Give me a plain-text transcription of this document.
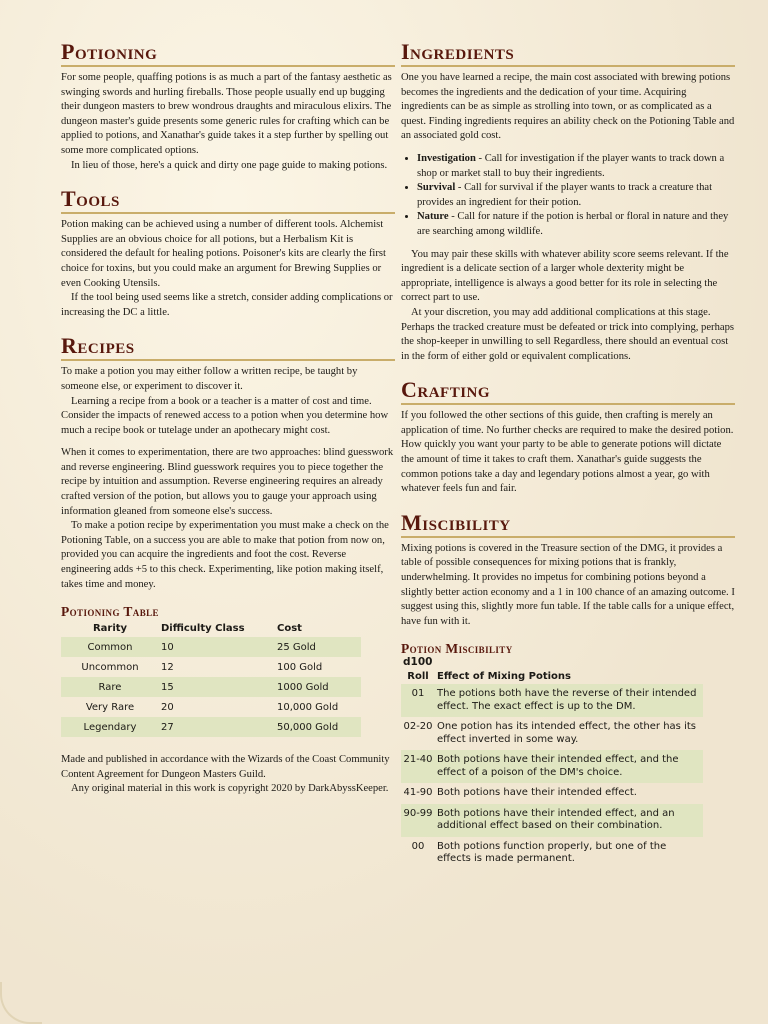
Potioning

For some people, quaffing potions is as much a part of the fantasy aesthetic as swinging swords and hurling fireballs. Those people usually end up bugging their dungeon masters to brew wondrous draughts and miraculous elixirs. The dungeon master's guide presents some generic rules for crafting which can be applied to potions, and Xanathar's guide takes it a step further by spelling out some more complicated options.

In lieu of those, here's a quick and dirty one page guide to making potions.

Tools

Potion making can be achieved using a number of different tools. Alchemist Supplies are an obvious choice for all potions, but a Herbalism Kit is considered the default for healing potions. Poisoner's kits are clearly the first choice for toxins, but you could make an argument for Brewing Supplies or even Cooking Utensils.

If the tool being used seems like a stretch, consider adding complications or increasing the DC a little.

Recipes

To make a potion you may either follow a written recipe, be taught by someone else, or experiment to discover it.

Learning a recipe from a book or a teacher is a matter of cost and time. Consider the impacts of renewed access to a potion when you determine how much a recipe book or tutelage under an apothecary might cost.

When it comes to experimentation, there are two approaches: blind guesswork and reverse engineering. Blind guesswork requires you to piece together the recipe by intuition and assumption. Reverse engineering requires an already crafted version of the potion, but allows you to gauge your approach using information gleaned from someone else's success.

To make a potion recipe by experimentation you must make a check on the Potioning Table, on a success you are able to make that potion from now on, provided you can acquire the ingredients and foot the cost. Reverse engineering adds +5 to this check. Experimenting, like potion making itself, takes time and money.

Potioning Table
Rarity	Difficulty Class	Cost
Common	10	25 Gold
Uncommon	12	100 Gold
Rare	15	1000 Gold
Very Rare	20	10,000 Gold
Legendary	27	50,000 Gold

Made and published in accordance with the Wizards of the Coast Community Content Agreement for Dungeon Masters Guild.

Any original material in this work is copyright 2020 by DarkAbyssKeeper.

Ingredients

One you have learned a recipe, the main cost associated with brewing potions becomes the ingredients and the dedication of your time. Acquiring ingredients can be as simple as strolling into town, or as complicated as a quest. Finding ingredients requires an ability check on the Potioning Table and an associated gold cost.

• Investigation - Call for investigation if the player wants to track down a shop or market stall to buy their ingredients.
• Survival - Call for survival if the player wants to track a creature that provides an ingredient for their potion.
• Nature - Call for nature if the potion is herbal or floral in nature and they are searching among wildlife.

You may pair these skills with whatever ability score seems relevant. If the ingredient is a delicate section of a larger whole dexterity might be appropriate, intelligence is always a good better for its role in selecting the correct part to use.

At your discretion, you may add additional complications at this stage. Perhaps the tracked creature must be defeated or trick into complying, perhaps the shop-keeper in unwilling to sell Regardless, there should an eventual cost in the form of either gold or equivalent complications.

Crafting

If you followed the other sections of this guide, then crafting is merely an application of time. No further checks are required to make the desired potion. How quickly you want your party to be able to generate potions will dictate the amount of time it takes to craft them. Xanathar's guide suggests the common potions take a day and legendary potions almost a year, go with whatever feels fun and fair.

Miscibility

Mixing potions is covered in the Treasure section of the DMG, it provides a table of possible consequences for mixing potions that is frankly, underwhelming. It provides no impetus for combining potions beyond a slightly better action economy and a 1 in 100 chance of an amazing outcome. I suggest using this, slightly more fun table. If the table calls for a unique effect, have fun with it.

Potion Miscibility
d100
Roll	Effect of Mixing Potions
01	The potions both have the reverse of their intended effect. The exact effect is up to the DM.
02-20	One potion has its intended effect, the other has its effect inverted in some way.
21-40	Both potions have their intended effect, and the effect of a poison of the DM's choice.
41-90	Both potions have their intended effect.
90-99	Both potions have their intended effect, and an additional effect based on their combination.
00	Both potions function properly, but one of the effects is made permanent.
